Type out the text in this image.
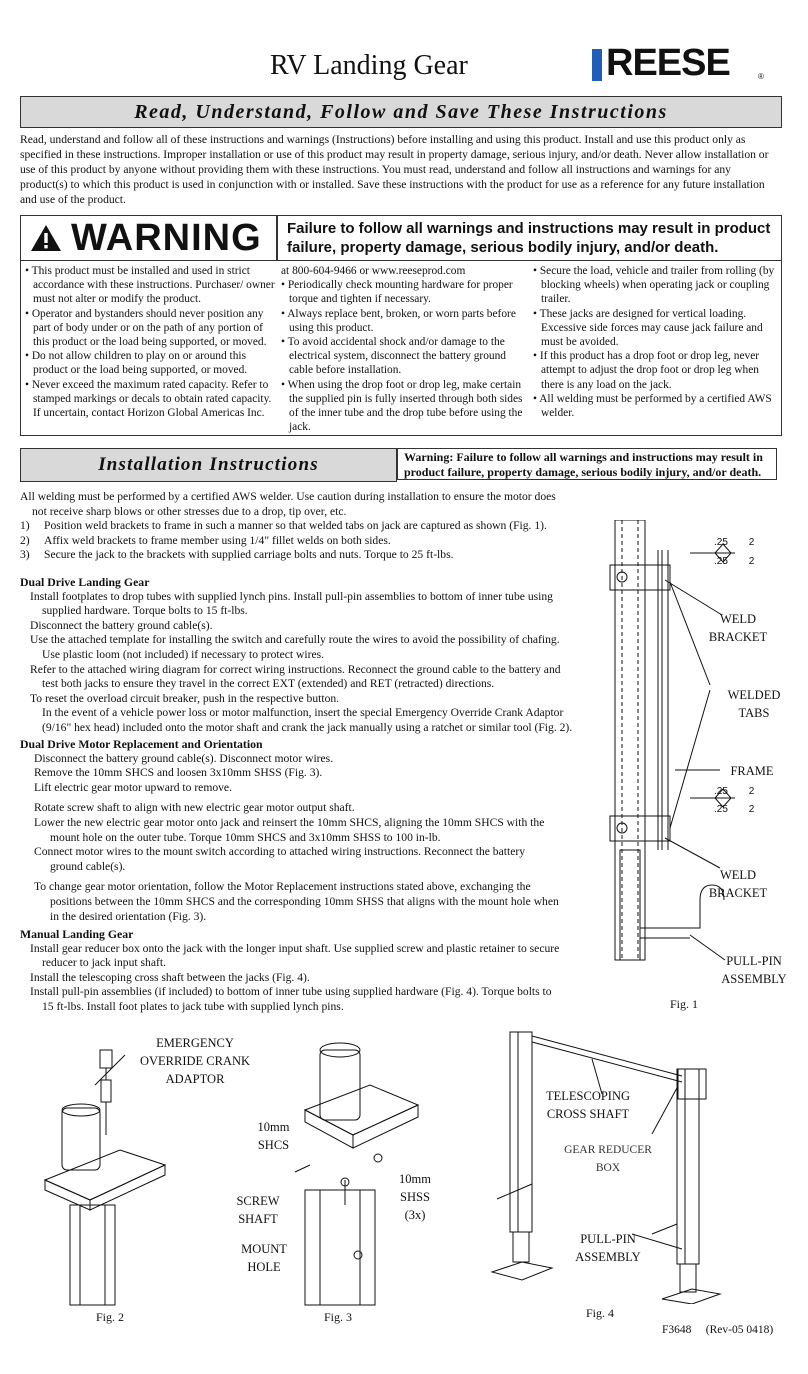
RV Landing Gear	REESE	®
Read, Understand, Follow and Save These Instructions
Read, understand and follow all of these instructions and warnings (Instructions) before installing and using this product. Install and use this product only as specified in these instructions. Improper installation or use of this product may result in property damage, serious injury, and/or death. Never allow installation or use of this product by anyone without providing them with these instructions. You must read, understand and follow all instructions and warnings for any product(s) to which this product is used in conjunction with or installed. Save these instructions with the product for use as a reference for any future installation and use of the product.
WARNING Failure to follow all warnings and instructions may result in product failure, property damage, serious bodily injury, and/or death.
• This product must be installed and used in strict accordance with these instructions. Purchaser/ owner must not alter or modify the product.
• Operator and bystanders should never position any part of body under or on the path of any portion of this product or the load being supported, or moved.
• Do not allow children to play on or around this product or the load being supported, or moved.
• Never exceed the maximum rated capacity. Refer to stamped markings or decals to obtain rated capacity. If uncertain, contact Horizon Global Americas Inc.
at 800-604-9466 or www.reeseprod.com
• Periodically check mounting hardware for proper torque and tighten if necessary.
• Always replace bent, broken, or worn parts before using this product.
• To avoid accidental shock and/or damage to the electrical system, disconnect the battery ground cable before installation.
• When using the drop foot or drop leg, make certain the supplied pin is fully inserted through both sides of the inner tube and the drop tube before using the jack.
• Secure the load, vehicle and trailer from rolling (by blocking wheels) when operating jack or coupling trailer.
• These jacks are designed for vertical loading. Excessive side forces may cause jack failure and must be avoided.
• If this product has a drop foot or drop leg, never attempt to adjust the drop foot or drop leg when there is any load on the jack.
• All welding must be performed by a certified AWS welder.
Installation Instructions	Warning: Failure to follow all warnings and instructions may result in product failure, property damage, serious bodily injury, and/or death.
All welding must be performed by a certified AWS welder. Use caution during installation to ensure the motor does
not receive sharp blows or other stresses due to a drop, tip over, etc.
1) Position weld brackets to frame in such a manner so that welded tabs on jack are captured as shown (Fig. 1).
2) Affix weld brackets to frame member using 1/4" fillet welds on both sides.
3) Secure the jack to the brackets with supplied carriage bolts and nuts. Torque to 25 ft-lbs.
Dual Drive Landing Gear
Install footplates to drop tubes with supplied lynch pins. Install pull-pin assemblies to bottom of inner tube using
supplied hardware. Torque bolts to 15 ft-lbs.
Disconnect the battery ground cable(s).
Use the attached template for installing the switch and carefully route the wires to avoid the possibility of chafing.
Use plastic loom (not included) if necessary to protect wires.
Refer to the attached wiring diagram for correct wiring instructions. Reconnect the ground cable to the battery and
test both jacks to ensure they travel in the correct EXT (extended) and RET (retracted) directions.
To reset the overload circuit breaker, push in the respective button.
In the event of a vehicle power loss or motor malfunction, insert the special Emergency Override Crank Adaptor
(9/16" hex head) included onto the motor shaft and crank the jack manually using a ratchet or similar tool (Fig. 2).
Dual Drive Motor Replacement and Orientation
Disconnect the battery ground cable(s). Disconnect motor wires.
Remove the 10mm SHCS and loosen 3x10mm SHSS (Fig. 3).
Lift electric gear motor upward to remove.
Rotate screw shaft to align with new electric gear motor output shaft.
Lower the new electric gear motor onto jack and reinsert the 10mm SHCS, aligning the 10mm SHCS with the
mount hole on the outer tube. Torque 10mm SHCS and 3x10mm SHSS to 100 in-lb.
Connect motor wires to the mount switch according to attached wiring instructions. Reconnect the battery
ground cable(s).
To change gear motor orientation, follow the Motor Replacement instructions stated above, exchanging the
positions between the 10mm SHCS and the corresponding 10mm SHSS that aligns with the mount hole when
in the desired orientation (Fig. 3).
Manual Landing Gear
Install gear reducer box onto the jack with the longer input shaft. Use supplied screw and plastic retainer to secure
reducer to jack input shaft.
Install the telescoping cross shaft between the jacks (Fig. 4).
Install pull-pin assemblies (if included) to bottom of inner tube using supplied hardware (Fig. 4). Torque bolts to
15 ft-lbs. Install foot plates to jack tube with supplied lynch pins.
.25 2
.25 2
.25 2
.25 2
WELD
BRACKET
WELDED
TABS
FRAME
WELD
BRACKET
PULL-PIN
ASSEMBLY
Fig. 1
EMERGENCY
OVERRIDE CRANK
ADAPTOR
Fig. 2
10mm
SHCS
10mm
SHSS
(3x)
SCREW
SHAFT
MOUNT
HOLE
Fig. 3
TELESCOPING
CROSS SHAFT
GEAR REDUCER
BOX
PULL-PIN
ASSEMBLY
Fig. 4
F3648     (Rev-05 0418)
